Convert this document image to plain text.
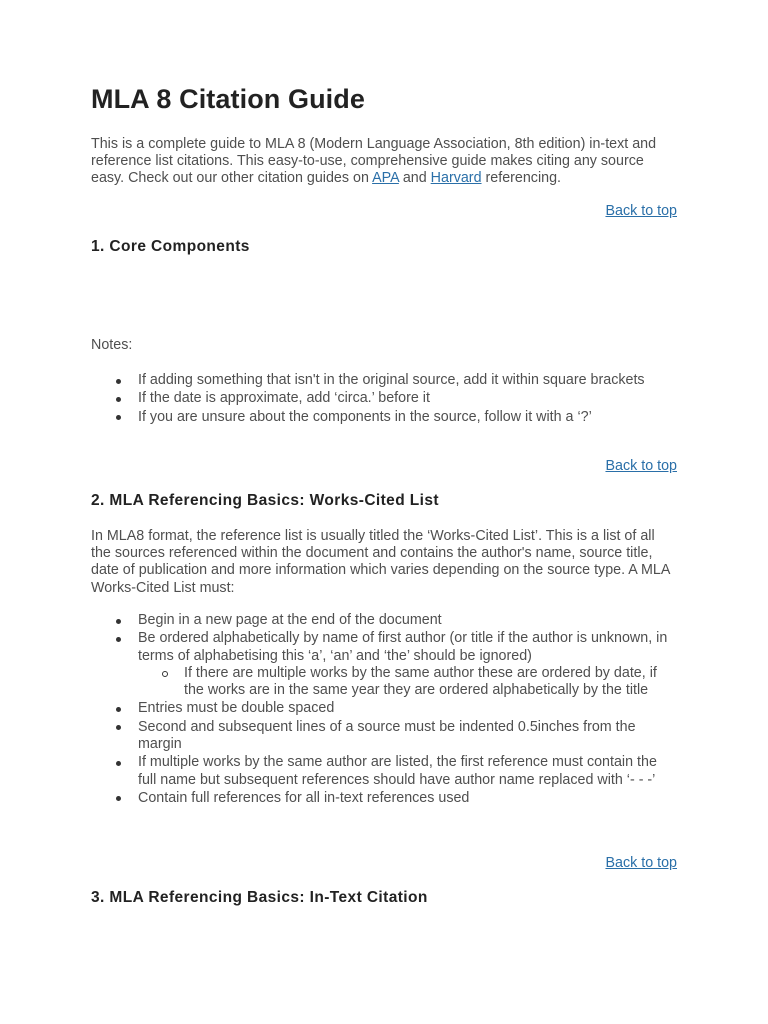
MLA 8 Citation Guide

This is a complete guide to MLA 8 (Modern Language Association, 8th edition) in-text and reference list citations. This easy-to-use, comprehensive guide makes citing any source easy. Check out our other citation guides on APA and Harvard referencing.

Back to top
1. Core Components

Notes:

If adding something that isn't in the original source, add it within square brackets
If the date is approximate, add ‘circa.’ before it
If you are unsure about the components in the source, follow it with a ‘?’
Back to top
2. MLA Referencing Basics: Works-Cited List

In MLA8 format, the reference list is usually titled the ‘Works-Cited List’. This is a list of all the sources referenced within the document and contains the author's name, source title, date of publication and more information which varies depending on the source type. A MLA Works-Cited List must:

Begin in a new page at the end of the document
Be ordered alphabetically by name of first author (or title if the author is unknown, in terms of alphabetising this ‘a’, ‘an’ and ‘the’ should be ignored)
If there are multiple works by the same author these are ordered by date, if the works are in the same year they are ordered alphabetically by the title
Entries must be double spaced
Second and subsequent lines of a source must be indented 0.5inches from the margin
If multiple works by the same author are listed, the first reference must contain the full name but subsequent references should have author name replaced with ‘- - -’
Contain full references for all in-text references used
Back to top
3. MLA Referencing Basics: In-Text Citation
